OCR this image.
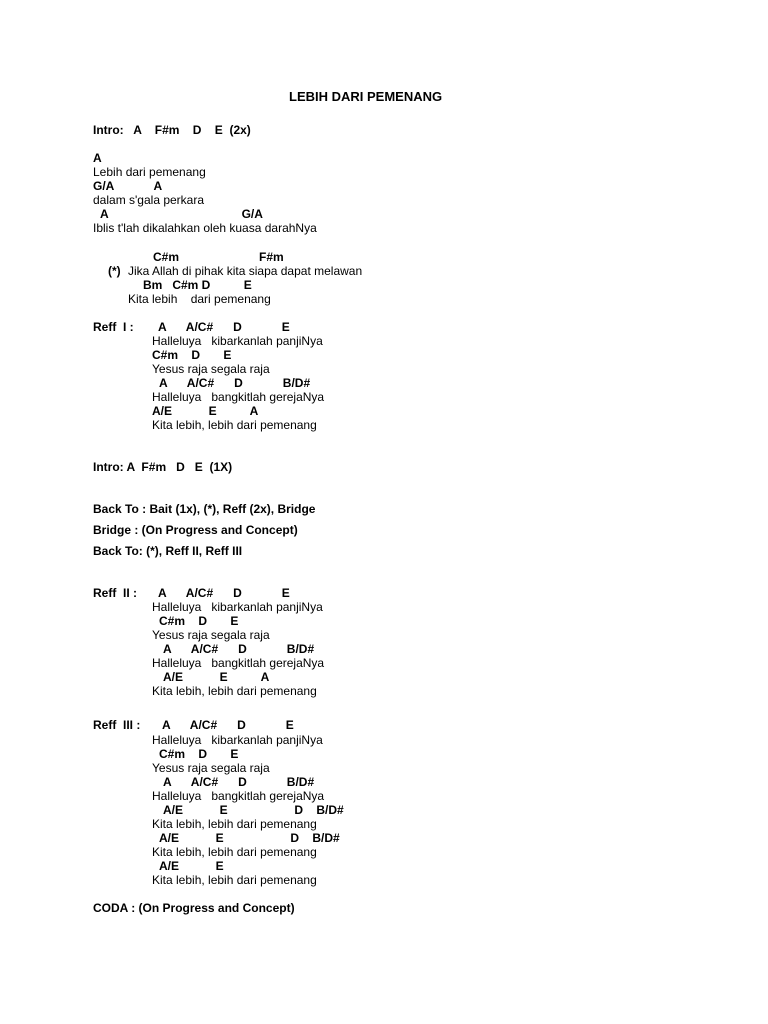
LEBIH DARI PEMENANG
Intro:   A    F#m    D    E  (2x)
A
Lebih dari pemenang
G/A            A
dalam s'gala perkara
A                                        G/A
Iblis t'lah dikalahkan oleh kuasa darahNya
C#m                        F#m
(*) Jika Allah di pihak kita siapa dapat melawan
Bm   C#m D          E
Kita lebih    dari pemenang
Reff  I : A      A/C#      D            E
Halleluya   kibarkanlah panjiNya
C#m    D       E
Yesus raja segala raja
A      A/C#      D            B/D#
Halleluya   bangkitlah gerejaNya
A/E           E          A
Kita lebih, lebih dari pemenang
Intro: A  F#m   D   E  (1X)
Back To : Bait (1x), (*), Reff (2x), Bridge
Bridge : (On Progress and Concept)
Back To: (*), Reff II, Reff III
Reff  II : A      A/C#      D            E
Halleluya   kibarkanlah panjiNya
C#m    D       E
Yesus raja segala raja
A      A/C#      D            B/D#
Halleluya   bangkitlah gerejaNya
A/E           E          A
Kita lebih, lebih dari pemenang
Reff  III : A      A/C#      D            E
Halleluya   kibarkanlah panjiNya
C#m    D       E
Yesus raja segala raja
A      A/C#      D            B/D#
Halleluya   bangkitlah gerejaNya
A/E           E                    D    B/D#
Kita lebih, lebih dari pemenang
A/E           E                    D    B/D#
Kita lebih, lebih dari pemenang
A/E           E
Kita lebih, lebih dari pemenang
CODA : (On Progress and Concept)
